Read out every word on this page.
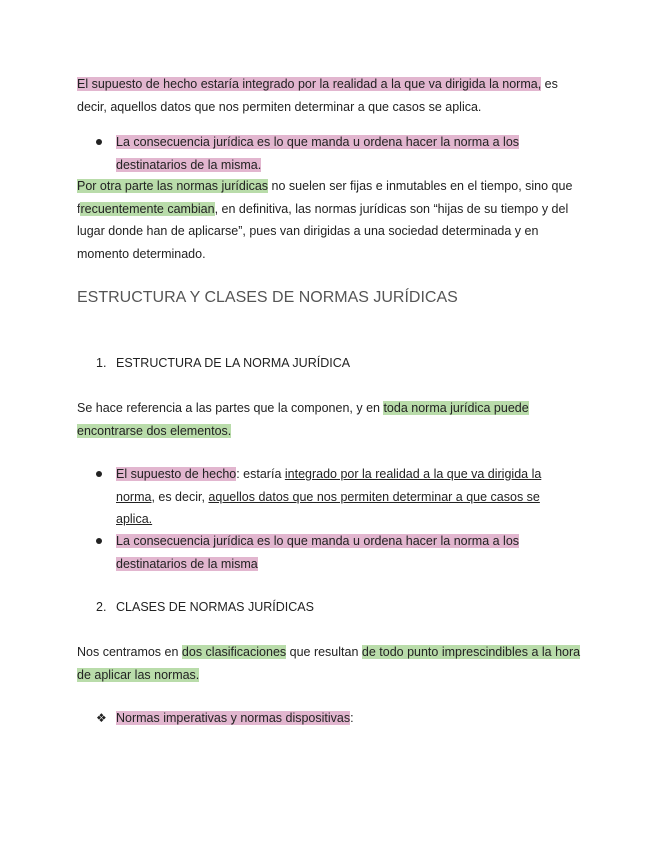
El supuesto de hecho estaría integrado por la realidad a la que va dirigida la norma, es decir, aquellos datos que nos permiten determinar a que casos se aplica.

La consecuencia jurídica es lo que manda u ordena hacer la norma a los destinatarios de la misma.

Por otra parte las normas jurídicas no suelen ser fijas e inmutables en el tiempo, sino que frecuentemente cambian, en definitiva, las normas jurídicas son “hijas de su tiempo y del lugar donde han de aplicarse”, pues van dirigidas a una sociedad determinada y en momento determinado.

ESTRUCTURA Y CLASES DE NORMAS JURÍDICAS
1. ESTRUCTURA DE LA NORMA JURÍDICA

Se hace referencia a las partes que la componen, y en toda norma jurídica puede encontrarse dos elementos.

El supuesto de hecho: estaría integrado por la realidad a la que va dirigida la norma, es decir, aquellos datos que nos permiten determinar a que casos se aplica.

La consecuencia jurídica es lo que manda u ordena hacer la norma a los destinatarios de la misma

2. CLASES DE NORMAS JURÍDICAS

Nos centramos en dos clasificaciones que resultan de todo punto imprescindibles a la hora de aplicar las normas.

❖ Normas imperativas y normas dispositivas:
